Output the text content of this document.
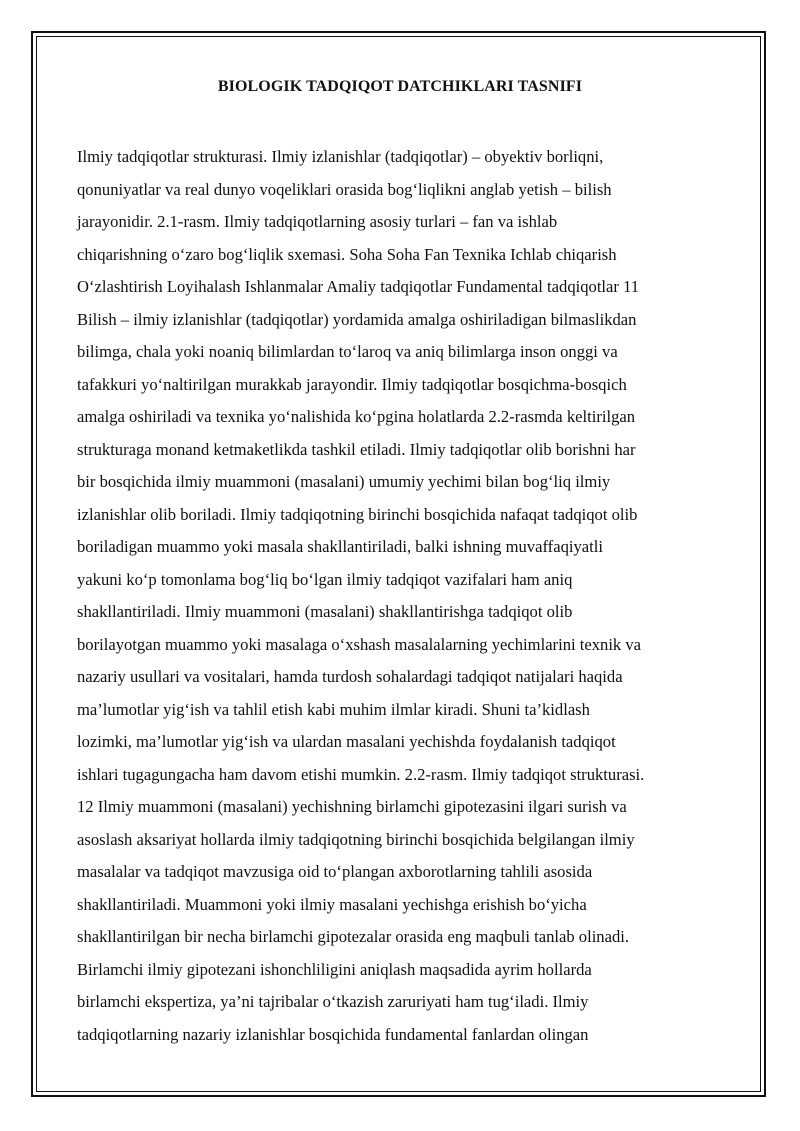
BIOLOGIK TADQIQOT DATCHIKLARI TASNIFI
Ilmiy tadqiqotlar strukturasi. Ilmiy izlanishlar (tadqiqotlar) – obyektiv borliqni,
qonuniyatlar va real dunyo voqeliklari orasida bog‘liqlikni anglab yetish – bilish
jarayonidir. 2.1-rasm. Ilmiy tadqiqotlarning asosiy turlari – fan va ishlab
chiqarishning o‘zaro bog‘liqlik sxemasi. Soha Soha Fan Texnika Ichlab chiqarish
O‘zlashtirish Loyihalash Ishlanmalar Amaliy tadqiqotlar Fundamental tadqiqotlar 11
Bilish – ilmiy izlanishlar (tadqiqotlar) yordamida amalga oshiriladigan bilmaslikdan
bilimga, chala yoki noaniq bilimlardan to‘laroq va aniq bilimlarga inson onggi va
tafakkuri yo‘naltirilgan murakkab jarayondir. Ilmiy tadqiqotlar bosqichma-bosqich
amalga oshiriladi va texnika yo‘nalishida ko‘pgina holatlarda 2.2-rasmda keltirilgan
strukturaga monand ketmaketlikda tashkil etiladi. Ilmiy tadqiqotlar olib borishni har
bir bosqichida ilmiy muammoni (masalani) umumiy yechimi bilan bog‘liq ilmiy
izlanishlar olib boriladi. Ilmiy tadqiqotning birinchi bosqichida nafaqat tadqiqot olib
boriladigan muammo yoki masala shakllantiriladi, balki ishning muvaffaqiyatli
yakuni ko‘p tomonlama bog‘liq bo‘lgan ilmiy tadqiqot vazifalari ham aniq
shakllantiriladi. Ilmiy muammoni (masalani) shakllantirishga tadqiqot olib
borilayotgan muammo yoki masalaga o‘xshash masalalarning yechimlarini texnik va
nazariy usullari va vositalari, hamda turdosh sohalardagi tadqiqot natijalari haqida
ma’lumotlar yig‘ish va tahlil etish kabi muhim ilmlar kiradi. Shuni ta’kidlash
lozimki, ma’lumotlar yig‘ish va ulardan masalani yechishda foydalanish tadqiqot
ishlari tugagungacha ham davom etishi mumkin. 2.2-rasm. Ilmiy tadqiqot strukturasi.
12 Ilmiy muammoni (masalani) yechishning birlamchi gipotezasini ilgari surish va
asoslash aksariyat hollarda ilmiy tadqiqotning birinchi bosqichida belgilangan ilmiy
masalalar va tadqiqot mavzusiga oid to‘plangan axborotlarning tahlili asosida
shakllantiriladi. Muammoni yoki ilmiy masalani yechishga erishish bo‘yicha
shakllantirilgan bir necha birlamchi gipotezalar orasida eng maqbuli tanlab olinadi.
Birlamchi ilmiy gipotezani ishonchliligini aniqlash maqsadida ayrim hollarda
birlamchi ekspertiza, ya’ni tajribalar o‘tkazish zaruriyati ham tug‘iladi. Ilmiy
tadqiqotlarning nazariy izlanishlar bosqichida fundamental fanlardan olingan
